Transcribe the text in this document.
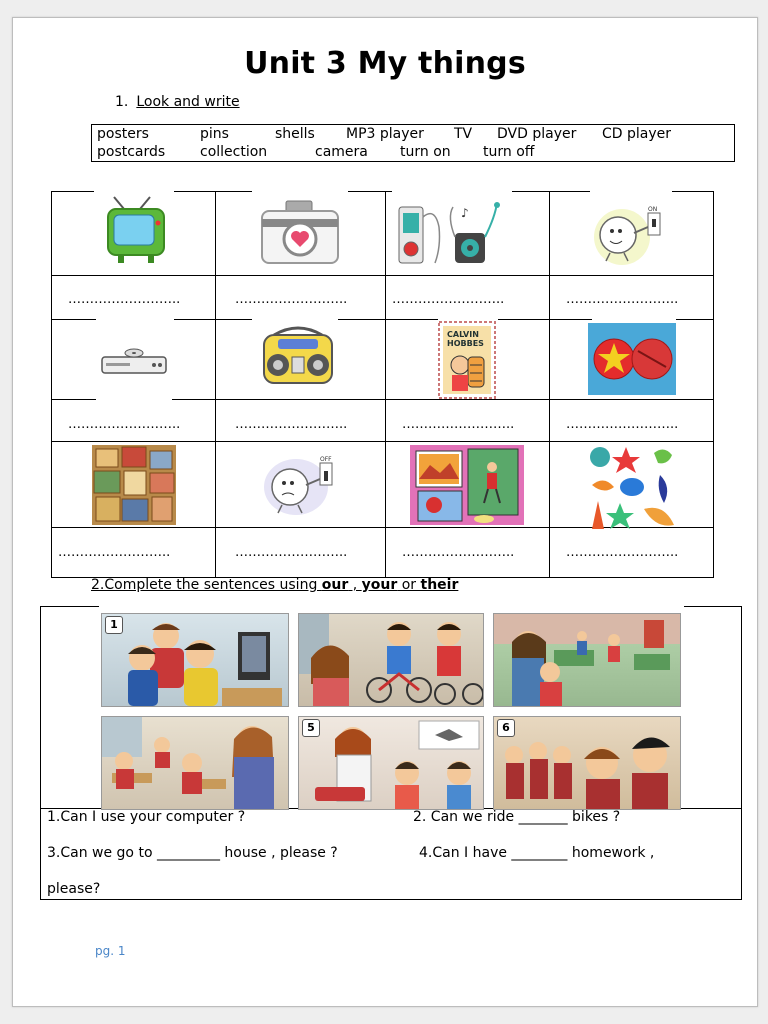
Unit 3 My things
1. Look and write
posters	pins	shells MP3 player TV DVD player CD player
postcards collection	camera turn on turn off
♪	ON
……………………..	……………………..	……………………..	……………………..
CALVIN
HOBBES
……………………..	……………………..	……………………..	……………………..
OFF
……………………..	……………………..	……………………..	……………………..
2.Complete the sentences using our , your or their
1
5	6
1.Can I use your computer ?	2. Can we ride _______ bikes ?
3.Can we go to _________ house , please ?	4.Can I have ________ homework ,
please?
pg. 1
